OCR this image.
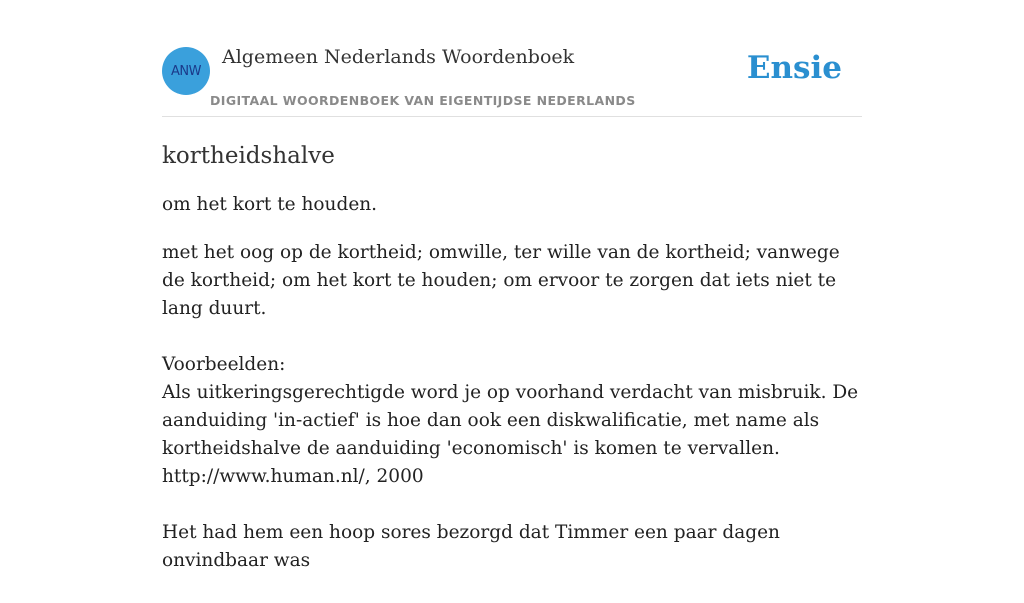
ANW
Algemeen Nederlands Woordenboek
DIGITAAL WOORDENBOEK VAN EIGENTIJDSE NEDERLANDS
Ensie
kortheidshalve
om het kort te houden.
met het oog op de kortheid; omwille, ter wille van de kortheid; vanwege de kortheid; om het kort te houden; om ervoor te zorgen dat iets niet te lang duurt.
Voorbeelden:
Als uitkeringsgerechtigde word je op voorhand verdacht van misbruik. De aanduiding 'in-actief' is hoe dan ook een diskwalificatie, met name als kortheidshalve de aanduiding 'economisch' is komen te vervallen.
http://www.human.nl/, 2000
Het had hem een hoop sores bezorgd dat Timmer een paar dagen onvindbaar was
